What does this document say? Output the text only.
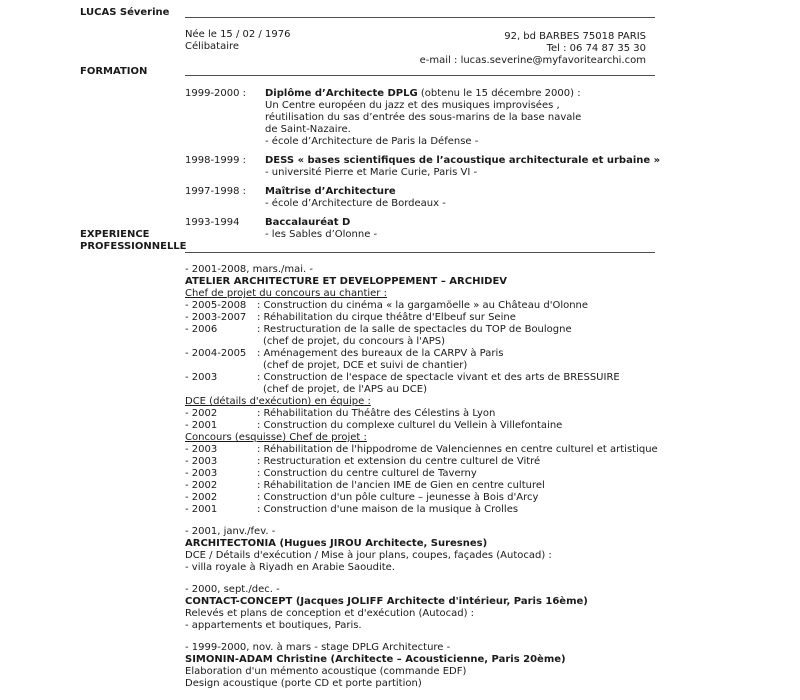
LUCAS Séverine
Née le 15 / 02 / 1976
Célibataire
92, bd BARBES 75018 PARIS
Tel : 06 74 87 35 30
e-mail : lucas.severine@myfavoritearchi.com
FORMATION
1999-2000 :	Diplôme d’Architecte DPLG (obtenu le 15 décembre 2000) :
Un Centre européen du jazz et des musiques improvisées ,
réutilisation du sas d’entrée des sous-marins de la base navale
de Saint-Nazaire.
- école d’Architecture de Paris la Défense -
1998-1999 :	DESS « bases scientifiques de l’acoustique architecturale et urbaine »
- université Pierre et Marie Curie, Paris VI -
1997-1998 :	Maîtrise d’Architecture
- école d’Architecture de Bordeaux -
1993-1994	Baccalauréat D
- les Sables d’Olonne -
EXPERIENCE
PROFESSIONNELLE
- 2001-2008, mars./mai. -
ATELIER ARCHITECTURE ET DEVELOPPEMENT – ARCHIDEV
Chef de projet du concours au chantier :
- 2005-2008	: Construction du cinéma « la gargamöelle » au Château d'Olonne
- 2003-2007	: Réhabilitation du cirque théâtre d'Elbeuf sur Seine
- 2006	: Restructuration de la salle de spectacles du TOP de Boulogne
(chef de projet, du concours à l'APS)
- 2004-2005	: Aménagement des bureaux de la CARPV à Paris
(chef de projet, DCE et suivi de chantier)
- 2003	: Construction de l'espace de spectacle vivant et des arts de BRESSUIRE
(chef de projet, de l'APS au DCE)
DCE (détails d'exécution) en équipe :
- 2002	: Réhabilitation du Théâtre des Célestins à Lyon
- 2001	: Construction du complexe culturel du Vellein à Villefontaine
Concours (esquisse) Chef de projet :
- 2003	: Réhabilitation de l'hippodrome de Valenciennes en centre culturel et artistique
- 2003	: Restructuration et extension du centre culturel de Vitré
- 2003	: Construction du centre culturel de Taverny
- 2002	: Réhabilitation de l'ancien IME de Gien en centre culturel
- 2002	: Construction d'un pôle culture – jeunesse à Bois d'Arcy
- 2001	: Construction d'une maison de la musique à Crolles
- 2001, janv./fev. -
ARCHITECTONIA (Hugues JIROU Architecte, Suresnes)
DCE / Détails d'exécution / Mise à jour plans, coupes, façades (Autocad) :
- villa royale à Riyadh en Arabie Saoudite.
- 2000, sept./dec. -
CONTACT-CONCEPT (Jacques JOLIFF Architecte d'intérieur, Paris 16ème)
Relevés et plans de conception et d'exécution (Autocad) :
- appartements et boutiques, Paris.
- 1999-2000, nov. à mars - stage DPLG Architecture -
SIMONIN-ADAM Christine (Architecte – Acousticienne, Paris 20ème)
Elaboration d'un mémento acoustique (commande EDF)
Design acoustique (porte CD et porte partition)
